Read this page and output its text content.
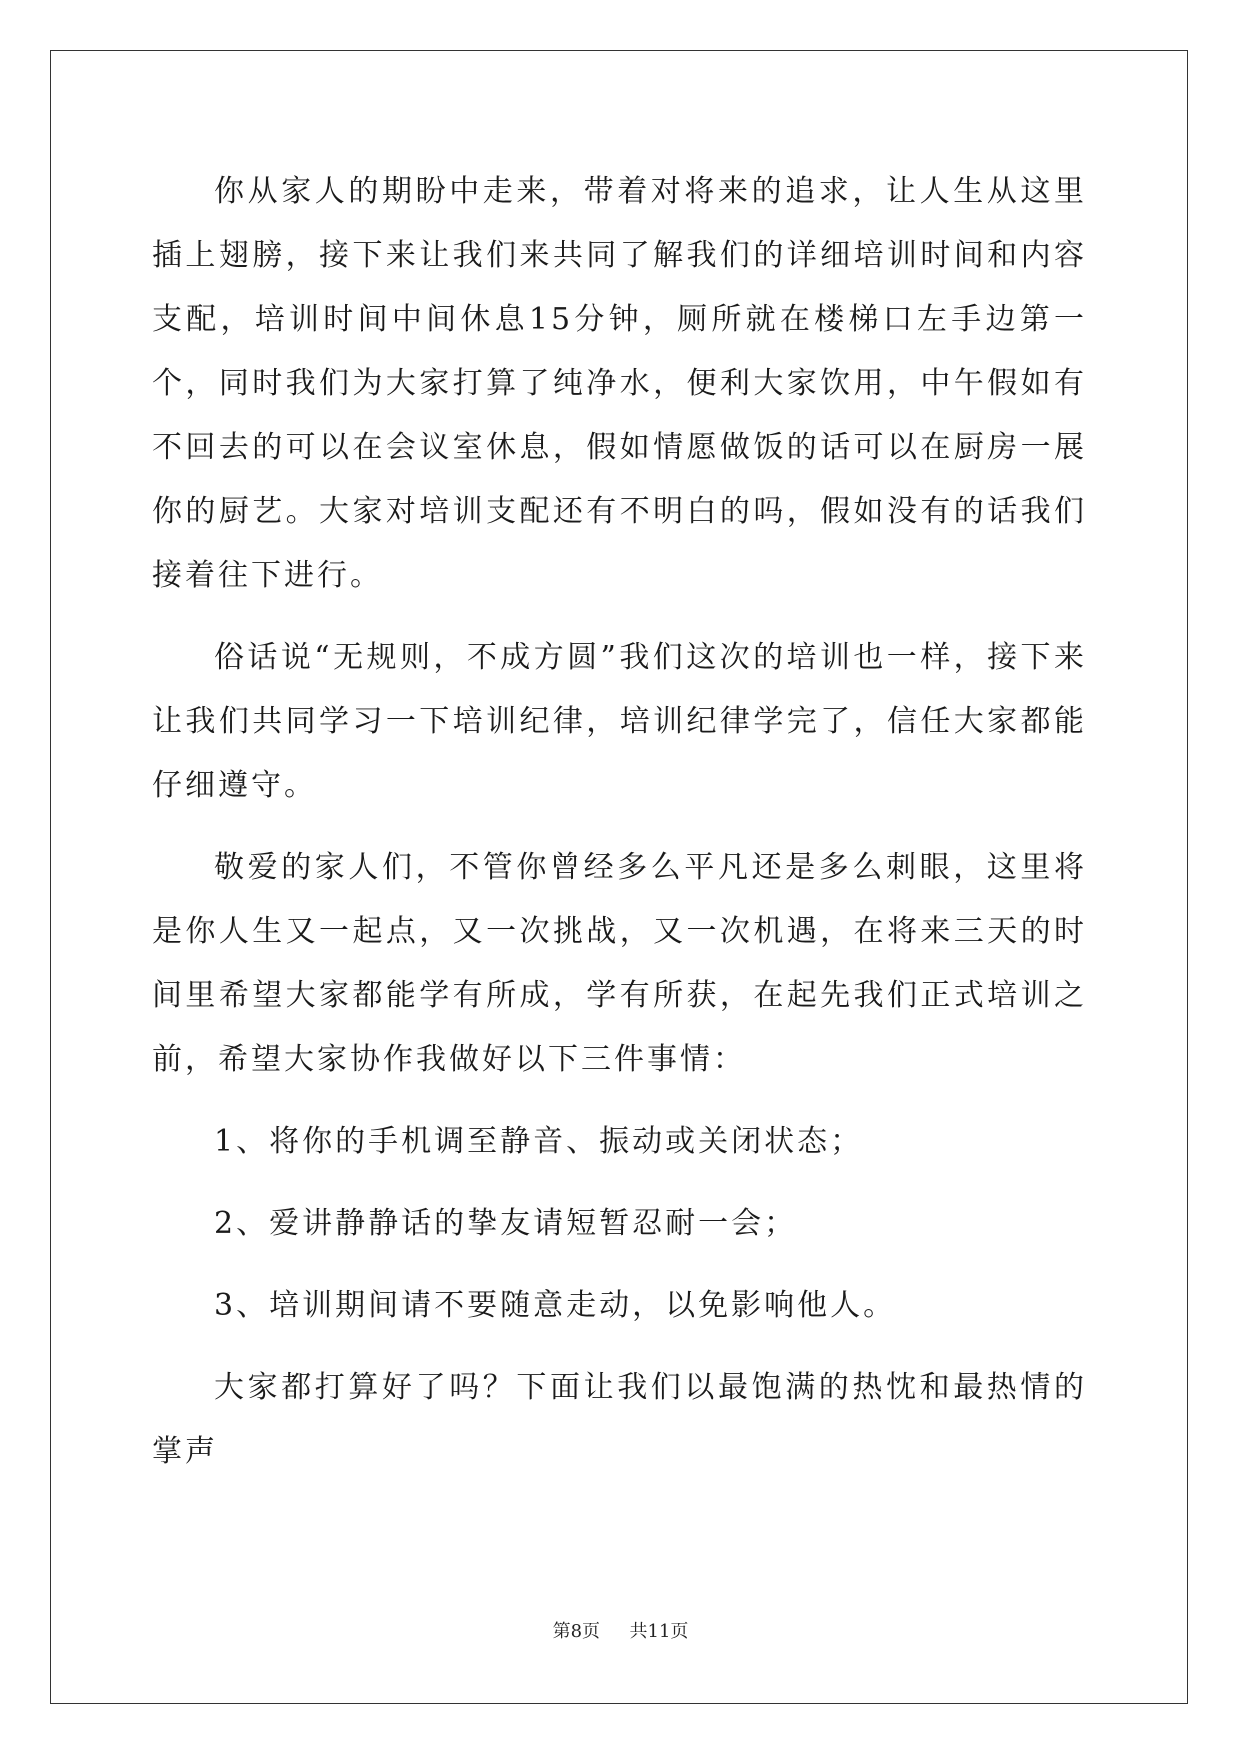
你从家人的期盼中走来，带着对将来的追求，让人生从这里插上翅膀，接下来让我们来共同了解我们的详细培训时间和内容支配，培训时间中间休息15分钟，厕所就在楼梯口左手边第一个，同时我们为大家打算了纯净水，便利大家饮用，中午假如有不回去的可以在会议室休息，假如情愿做饭的话可以在厨房一展你的厨艺。大家对培训支配还有不明白的吗，假如没有的话我们接着往下进行。

俗话说“无规则，不成方圆”我们这次的培训也一样，接下来让我们共同学习一下培训纪律，培训纪律学完了，信任大家都能仔细遵守。

敬爱的家人们，不管你曾经多么平凡还是多么刺眼，这里将是你人生又一起点，又一次挑战，又一次机遇，在将来三天的时间里希望大家都能学有所成，学有所获，在起先我们正式培训之前，希望大家协作我做好以下三件事情：

1、将你的手机调至静音、振动或关闭状态；

2、爱讲静静话的挚友请短暂忍耐一会；

3、培训期间请不要随意走动，以免影响他人。

大家都打算好了吗？下面让我们以最饱满的热忱和最热情的掌声

第8页 共11页
